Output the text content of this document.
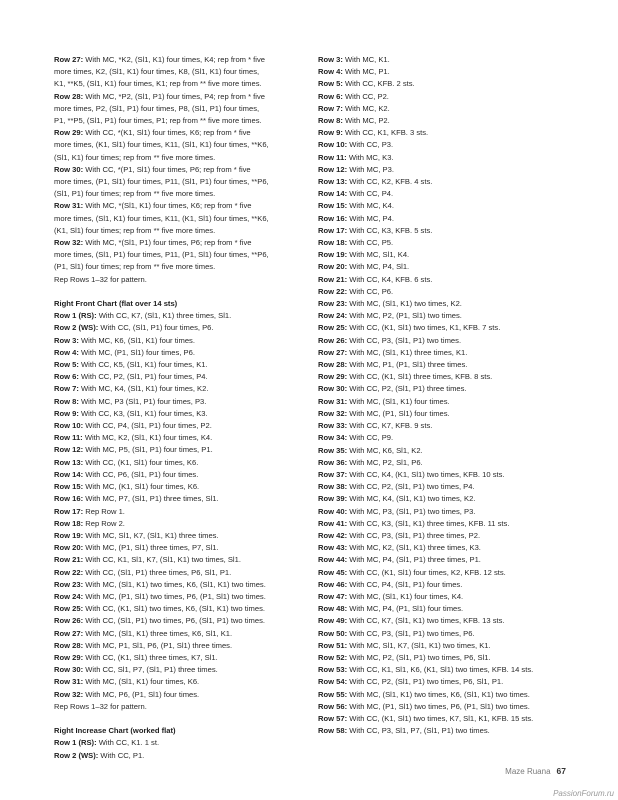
Row 27: With MC, *K2, (Sl1, K1) four times, K4; rep from * five
more times, K2, (Sl1, K1) four times, K8, (Sl1, K1) four times,
K1, **K5, (Sl1, K1) four times, K1; rep from ** five more times.
Row 28: With MC, *P2, (Sl1, P1) four times, P4; rep from * five
more times, P2, (Sl1, P1) four times, P8, (Sl1, P1) four times,
P1, **P5, (Sl1, P1) four times, P1; rep from ** five more times.
Row 29: With CC, *(K1, Sl1) four times, K6; rep from * five
more times, (K1, Sl1) four times, K11, (Sl1, K1) four times, **K6,
(Sl1, K1) four times; rep from ** five more times.
Row 30: With CC, *(P1, Sl1) four times, P6; rep from * five
more times, (P1, Sl1) four times, P11, (Sl1, P1) four times, **P6,
(Sl1, P1) four times; rep from ** five more times.
Row 31: With MC, *(Sl1, K1) four times, K6; rep from * five
more times, (Sl1, K1) four times, K11, (K1, Sl1) four times, **K6,
(K1, Sl1) four times; rep from ** five more times.
Row 32: With MC, *(Sl1, P1) four times, P6; rep from * five
more times, (Sl1, P1) four times, P11, (P1, Sl1) four times, **P6,
(P1, Sl1) four times; rep from ** five more times.
Rep Rows 1–32 for pattern.
Right Front Chart (flat over 14 sts)
Row 1 (RS): With CC, K7, (Sl1, K1) three times, Sl1.
Row 2 (WS): With CC, (Sl1, P1) four times, P6.
Row 3: With MC, K6, (Sl1, K1) four times.
Row 4: With MC, (P1, Sl1) four times, P6.
Row 5: With CC, K5, (Sl1, K1) four times, K1.
Row 6: With CC, P2, (Sl1, P1) four times, P4.
Row 7: With MC, K4, (Sl1, K1) four times, K2.
Row 8: With MC, P3 (Sl1, P1) four times, P3.
Row 9: With CC, K3, (Sl1, K1) four times, K3.
Row 10: With CC, P4, (Sl1, P1) four times, P2.
Row 11: With MC, K2, (Sl1, K1) four times, K4.
Row 12: With MC, P5, (Sl1, P1) four times, P1.
Row 13: With CC, (K1, Sl1) four times, K6.
Row 14: With CC, P6, (Sl1, P1) four times.
Row 15: With MC, (K1, Sl1) four times, K6.
Row 16: With MC, P7, (Sl1, P1) three times, Sl1.
Row 17: Rep Row 1.
Row 18: Rep Row 2.
Row 19: With MC, Sl1, K7, (Sl1, K1) three times.
Row 20: With MC, (P1, Sl1) three times, P7, Sl1.
Row 21: With CC, K1, Sl1, K7, (Sl1, K1) two times, Sl1.
Row 22: With CC, (Sl1, P1) three times, P6, Sl1, P1.
Row 23: With MC, (Sl1, K1) two times, K6, (Sl1, K1) two times.
Row 24: With MC, (P1, Sl1) two times, P6, (P1, Sl1) two times.
Row 25: With CC, (K1, Sl1) two times, K6, (Sl1, K1) two times.
Row 26: With CC, (Sl1, P1) two times, P6, (Sl1, P1) two times.
Row 27: With MC, (Sl1, K1) three times, K6, Sl1, K1.
Row 28: With MC, P1, Sl1, P6, (P1, Sl1) three times.
Row 29: With CC, (K1, Sl1) three times, K7, Sl1.
Row 30: With CC, Sl1, P7, (Sl1, P1) three times.
Row 31: With MC, (Sl1, K1) four times, K6.
Row 32: With MC, P6, (P1, Sl1) four times.
Rep Rows 1–32 for pattern.
Right Increase Chart (worked flat)
Row 1 (RS): With CC, K1. 1 st.
Row 2 (WS): With CC, P1.
Row 3: With MC, K1.
Row 4: With MC, P1.
Row 5: With CC, KFB. 2 sts.
Row 6: With CC, P2.
Row 7: With MC, K2.
Row 8: With MC, P2.
Row 9: With CC, K1, KFB. 3 sts.
Row 10: With CC, P3.
Row 11: With MC, K3.
Row 12: With MC, P3.
Row 13: With CC, K2, KFB. 4 sts.
Row 14: With CC, P4.
Row 15: With MC, K4.
Row 16: With MC, P4.
Row 17: With CC, K3, KFB. 5 sts.
Row 18: With CC, P5.
Row 19: With MC, Sl1, K4.
Row 20: With MC, P4, Sl1.
Row 21: With CC, K4, KFB. 6 sts.
Row 22: With CC, P6.
Row 23: With MC, (Sl1, K1) two times, K2.
Row 24: With MC, P2, (P1, Sl1) two times.
Row 25: With CC, (K1, Sl1) two times, K1, KFB. 7 sts.
Row 26: With CC, P3, (Sl1, P1) two times.
Row 27: With MC, (Sl1, K1) three times, K1.
Row 28: With MC, P1, (P1, Sl1) three times.
Row 29: With CC, (K1, Sl1) three times, KFB. 8 sts.
Row 30: With CC, P2, (Sl1, P1) three times.
Row 31: With MC, (Sl1, K1) four times.
Row 32: With MC, (P1, Sl1) four times.
Row 33: With CC, K7, KFB. 9 sts.
Row 34: With CC, P9.
Row 35: With MC, K6, Sl1, K2.
Row 36: With MC, P2, Sl1, P6.
Row 37: With CC, K4, (K1, Sl1) two times, KFB. 10 sts.
Row 38: With CC, P2, (Sl1, P1) two times, P4.
Row 39: With MC, K4, (Sl1, K1) two times, K2.
Row 40: With MC, P3, (Sl1, P1) two times, P3.
Row 41: With CC, K3, (Sl1, K1) three times, KFB. 11 sts.
Row 42: With CC, P3, (Sl1, P1) three times, P2.
Row 43: With MC, K2, (Sl1, K1) three times, K3.
Row 44: With MC, P4, (Sl1, P1) three times, P1.
Row 45: With CC, (K1, Sl1) four times, K2, KFB. 12 sts.
Row 46: With CC, P4, (Sl1, P1) four times.
Row 47: With MC, (Sl1, K1) four times, K4.
Row 48: With MC, P4, (P1, Sl1) four times.
Row 49: With CC, K7, (Sl1, K1) two times, KFB. 13 sts.
Row 50: With CC, P3, (Sl1, P1) two times, P6.
Row 51: With MC, Sl1, K7, (Sl1, K1) two times, K1.
Row 52: With MC, P2, (Sl1, P1) two times, P6, Sl1.
Row 53: With CC, K1, Sl1, K6, (K1, Sl1) two times, KFB. 14 sts.
Row 54: With CC, P2, (Sl1, P1) two times, P6, Sl1, P1.
Row 55: With MC, (Sl1, K1) two times, K6, (Sl1, K1) two times.
Row 56: With MC, (P1, Sl1) two times, P6, (P1, Sl1) two times.
Row 57: With CC, (K1, Sl1) two times, K7, Sl1, K1, KFB. 15 sts.
Row 58: With CC, P3, Sl1, P7, (Sl1, P1) two times.
Maze Ruana 67
PassionForum.ru
